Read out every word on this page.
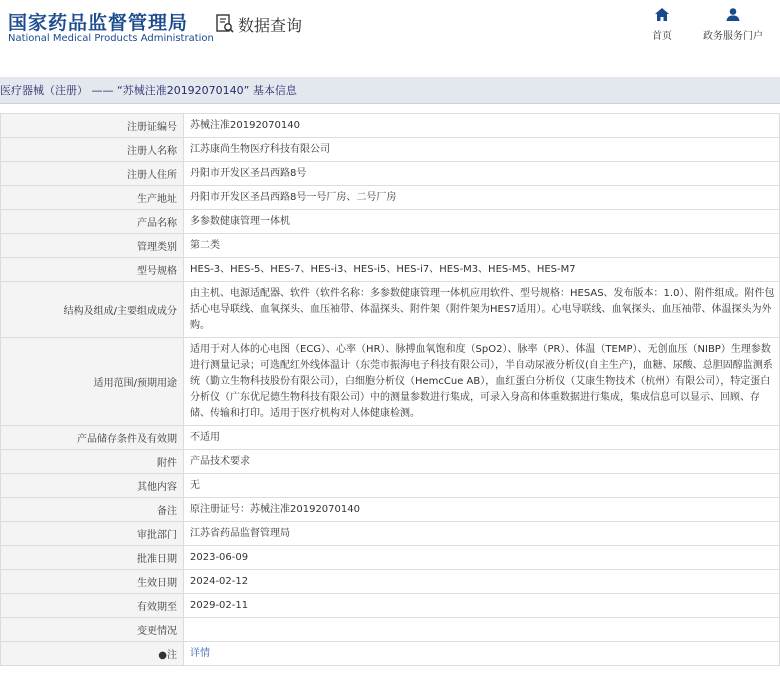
国家药品监督管理局
National Medical Products Administration
数据查询
首页	政务服务门户
医疗器械（注册） —— “苏械注准20192070140” 基本信息
注册证编号	苏械注准20192070140
注册人名称	江苏康尚生物医疗科技有限公司
注册人住所	丹阳市开发区圣昌西路8号
生产地址	丹阳市开发区圣昌西路8号一号厂房、二号厂房
产品名称	多参数健康管理一体机
管理类别	第二类
型号规格	HES-3、HES-5、HES-7、HES-i3、HES-i5、HES-i7、HES-M3、HES-M5、HES-M7
结构及组成/主要组成成分	由主机、电源适配器、软件（软件名称：多参数健康管理一体机应用软件、型号规格：HESAS、发布版本：1.0）、附件组成。附件包括心电导联线、血氧探头、血压袖带、体温探头、附件架（附件架为HES7适用）。心电导联线、血氧探头、血压袖带、体温探头为外购。
适用范围/预期用途	适用于对人体的心电图（ECG）、心率（HR）、脉搏血氧饱和度（SpO2）、脉率（PR）、体温（TEMP）、无创血压（NIBP）生理参数进行测量记录；可选配红外线体温计（东莞市振海电子科技有限公司），半自动尿液分析仪(自主生产)，血糖、尿酸、总胆固醇监测系统（勤立生物科技股份有限公司），白细胞分析仪（HemcCue AB），血红蛋白分析仪（艾康生物技术（杭州）有限公司），特定蛋白分析仪（广东优尼德生物科技有限公司）中的测量参数进行集成，可录入身高和体重数据进行集成，集成信息可以显示、回顾、存储、传输和打印。适用于医疗机构对人体健康检测。
产品储存条件及有效期	不适用
附件	产品技术要求
其他内容	无
备注	原注册证号：苏械注准20192070140
审批部门	江苏省药品监督管理局
批准日期	2023-06-09
生效日期	2024-02-12
有效期至	2029-02-11
变更情况	
●注	详情
